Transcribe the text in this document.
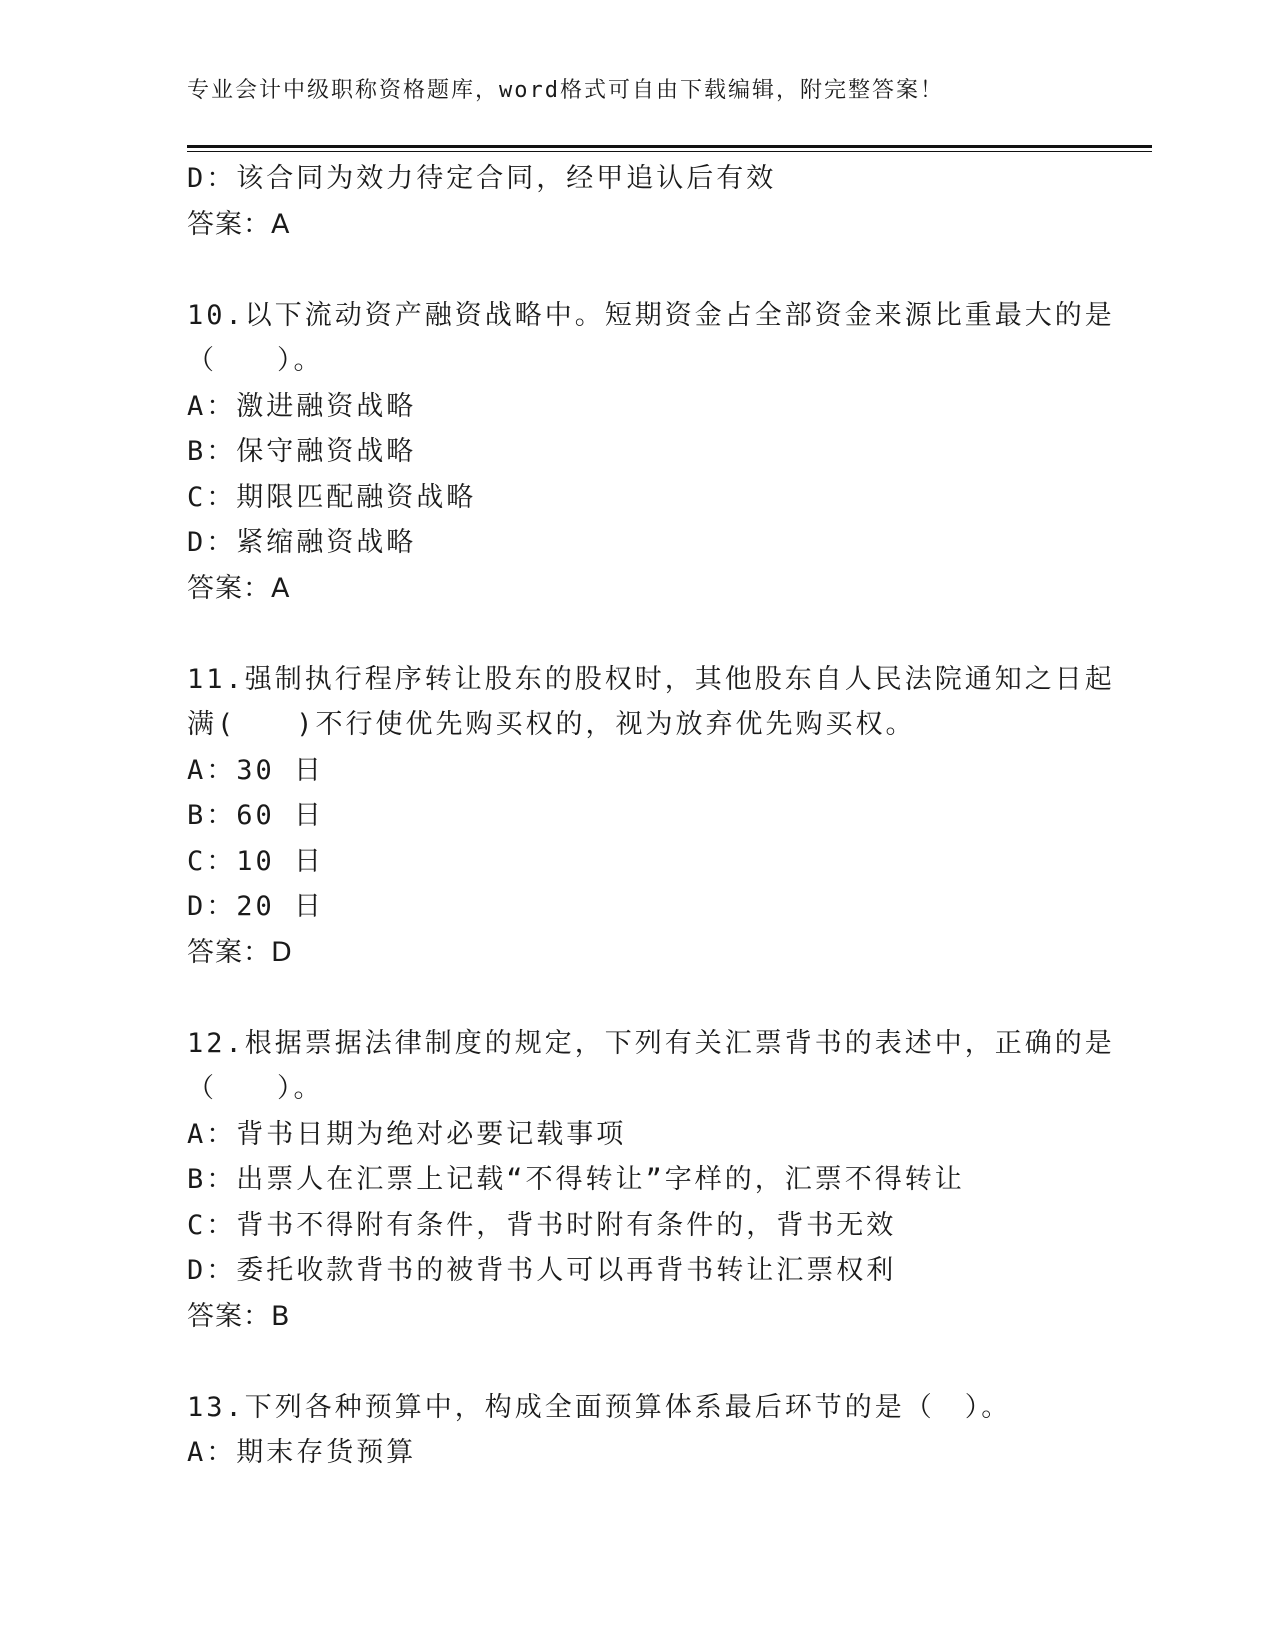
专业会计中级职称资格题库，word格式可自由下载编辑，附完整答案！
D：该合同为效力待定合同，经甲追认后有效
答案：A
10.以下流动资产融资战略中。短期资金占全部资金来源比重最大的是
（　　）。
A：激进融资战略
B：保守融资战略
C：期限匹配融资战略
D：紧缩融资战略
答案：A
11.强制执行程序转让股东的股权时，其他股东自人民法院通知之日起
满(　　)不行使优先购买权的，视为放弃优先购买权。
A：30 日
B：60 日
C：10 日
D：20 日
答案：D
12.根据票据法律制度的规定，下列有关汇票背书的表述中，正确的是
（　　）。
A：背书日期为绝对必要记载事项
B：出票人在汇票上记载“不得转让”字样的，汇票不得转让
C：背书不得附有条件，背书时附有条件的，背书无效
D：委托收款背书的被背书人可以再背书转让汇票权利
答案：B
13.下列各种预算中，构成全面预算体系最后环节的是（　）。
A：期末存货预算
